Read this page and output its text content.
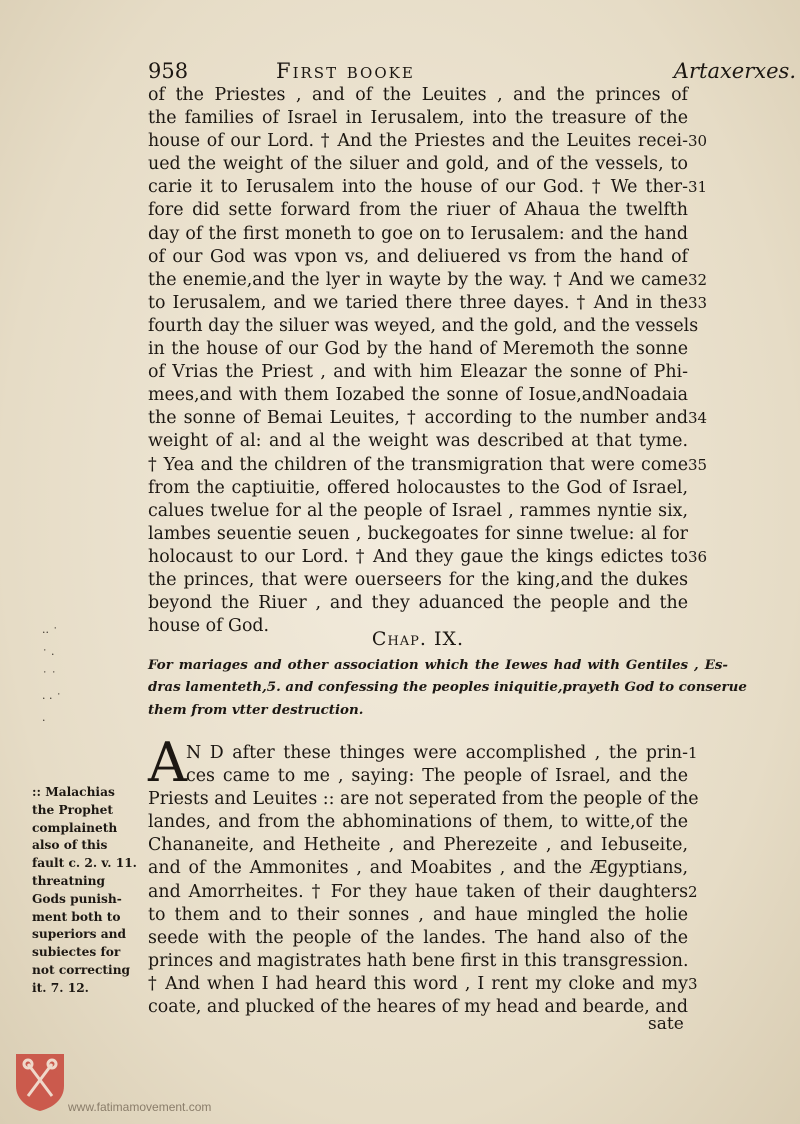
958	First booke	Artaxerxes.
of the Priestes , and of the Leuites , and the princes of
the families of Israel in Ierusalem, into the treasure of the
house of our Lord. † And the Priestes and the Leuites recei-
ued the weight of the siluer and gold, and of the vessels, to
carie it to Ierusalem into the house of our God. † We ther-
fore did sette forward from the riuer of Ahaua the twelfth
day of the first moneth to goe on to Ierusalem: and the hand
of our God was vpon vs, and deliuered vs from the hand of
the enemie,and the lyer in wayte by the way. † And we came
to Ierusalem, and we taried there three dayes. † And in the
fourth day the siluer was weyed, and the gold, and the vessels
in the house of our God by the hand of Meremoth the sonne
of Vrias the Priest , and with him Eleazar the sonne of Phi-
mees,and with them Iozabed the sonne of Iosue,andNoadaia
the sonne of Bemai Leuites, † according to the number and
weight of al: and al the weight was described at that tyme.
† Yea and the children of the transmigration that were come
from the captiuitie, offered holocaustes to the God of Israel,
calues twelue for al the people of Israel , rammes nyntie six,
lambes seuentie seuen , buckegoates for sinne twelue: al for
holocaust to our Lord. † And they gaue the kings edictes to
the princes, that were ouerseers for the king,and the dukes
beyond the Riuer , and they aduanced the people and the
house of God.
30
31
32
33
34
35
36
·· ˙
˙ ·
˙ ˙
· · ˙
·
Chap. IX.
For mariages and other association which the Iewes had with Gentiles , Es-
dras lamenteth,5. and confessing the peoples iniquitie,prayeth God to conserue
them from vtter destruction.
A N D after these thinges were accomplished , the prin-
ces came to me , saying: The people of Israel, and the
Priests and Leuites :: are not seperated from the people of the
landes, and from the abhominations of them, to witte,of the
Chananeite, and Hetheite , and Pherezeite , and Iebuseite,
and of the Ammonites , and Moabites , and the Ægyptians,
and Amorrheites. † For they haue taken of their daughters
to them and to their sonnes , and haue mingled the holie
seede with the people of the landes. The hand also of the
princes and magistrates hath bene first in this transgression.
† And when I had heard this word , I rent my cloke and my
coate, and plucked of the heares of my head and bearde, and
1
2
3
:: Malachias
the Prophet
complaineth
also of this
fault c. 2. v. 11.
threatning
Gods punish-
ment both to
superiors and
subiectes for
not correcting
it. 7. 12.
sate
www.fatimamovement.com
